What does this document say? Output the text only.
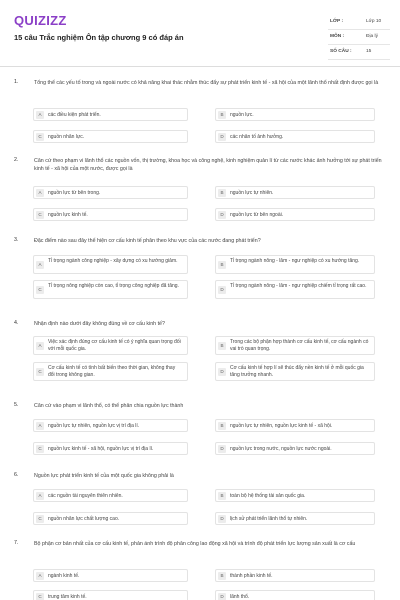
QUIZIZZ
15 câu Trắc nghiệm Ôn tập chương 9 có đáp án
LỚP :	Lớp 10
MÔN :	Địa lý
SỐ CÂU :	15
1.	Tổng thể các yếu tố trong và ngoài nước có khả năng khai thác nhằm thúc đẩy sự phát triển kinh tế - xã hội của một lãnh thổ nhất định được gọi là
A	các điều kiện phát triển.	B	nguồn lực.
C	nguồn nhân lực.	D	các nhân tố ảnh hưởng.
2.	Căn cứ theo phạm vi lãnh thổ các nguồn vốn, thị trường, khoa học và công nghệ, kinh nghiệm quản lí từ các nước khác ảnh hưởng tới sự phát triển kinh tế - xã hội của một nước, được gọi là
A	nguồn lực từ bên trong.	B	nguồn lực tự nhiên.
C	nguồn lực kinh tế.	D	nguồn lực từ bên ngoài.
3.	Đặc điểm nào sau đây thể hiện cơ cấu kinh tế phân theo khu vực của các nước đang phát triển?
A
Tỉ trọng ngành công nghiệp - xây dựng có xu hướng giảm.
B
Tỉ trọng ngành nông - lâm - ngư nghiệp có xu hướng tăng.
C
Tỉ trọng nông nghiệp còn cao, tỉ trọng công nghiệp đã tăng.
D
Tỉ trọng ngành nông - lâm - ngư nghiệp chiếm tỉ trọng rất cao.
4.	Nhận định nào dưới đây không đúng về cơ cấu kinh tế?
A
Việc xác định đúng cơ cấu kinh tế có ý nghĩa quan trọng đối với mỗi quốc gia.	B
Trong các bộ phận hợp thành cơ cấu kinh tế, cơ cấu ngành có vai trò quan trọng.
C
Cơ cấu kinh tế có tính bất biến theo thời gian, không thay đổi trong không gian.	D
Cơ cấu kinh tế hợp lí sẽ thúc đẩy nền kinh tế ở mỗi quốc gia tăng trưởng nhanh.
5.	Căn cứ vào phạm vi lãnh thổ, có thể phân chia nguồn lực thành
A	nguồn lực tự nhiên, nguồn lực vị trí địa lí.	B	nguồn lực tự nhiên, nguồn lực kinh tế - xã hội.
C	nguồn lực kinh tế - xã hội, nguồn lực vị trí địa lí.	D	nguồn lực trong nước, nguồn lực nước ngoài.
6.	Nguồn lực phát triển kinh tế của một quốc gia không phải là
A	các nguồn tài nguyên thiên nhiên.	B	toàn bộ hệ thống tài sản quốc gia.
C	nguồn nhân lực chất lượng cao.	D	lịch sử phát triển lãnh thổ tự nhiên.
7.	Bộ phận cơ bản nhất của cơ cấu kinh tế, phản ánh trình độ phân công lao động xã hội và trình độ phát triển lực lượng sản xuất là cơ cấu
A	ngành kinh tế.	B	thành phần kinh tế.
C	trung tâm kinh tế.	D	lãnh thổ.
